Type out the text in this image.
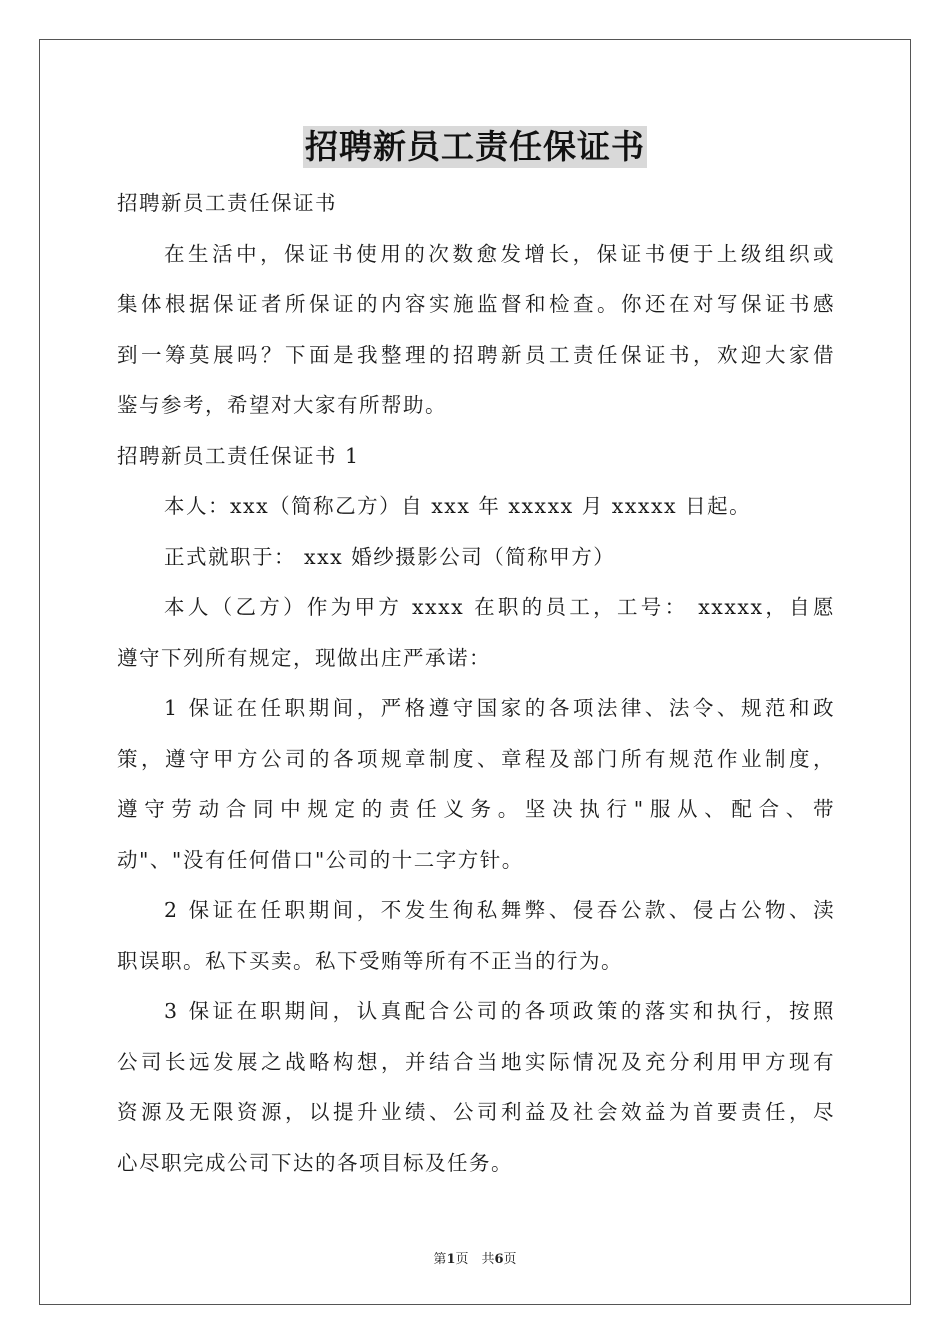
招聘新员工责任保证书
招聘新员工责任保证书
在生活中，保证书使用的次数愈发增长，保证书便于上级组织或
集体根据保证者所保证的内容实施监督和检查。你还在对写保证书感
到一筹莫展吗？下面是我整理的招聘新员工责任保证书，欢迎大家借
鉴与参考，希望对大家有所帮助。
招聘新员工责任保证书 1
本人：xxx（简称乙方）自 xxx 年 xxxxx 月 xxxxx 日起。
正式就职于： xxx 婚纱摄影公司（简称甲方）
本人（乙方）作为甲方 xxxx 在职的员工，工号： xxxxx，自愿
遵守下列所有规定，现做出庄严承诺：
1 保证在任职期间，严格遵守国家的各项法律、法令、规范和政
策，遵守甲方公司的各项规章制度、章程及部门所有规范作业制度，
遵守劳动合同中规定的责任义务。坚决执行"服从、配合、带
动"、"没有任何借口"公司的十二字方针。
2 保证在任职期间，不发生徇私舞弊、侵吞公款、侵占公物、渎
职误职。私下买卖。私下受贿等所有不正当的行为。
3 保证在职期间，认真配合公司的各项政策的落实和执行，按照
公司长远发展之战略构想，并结合当地实际情况及充分利用甲方现有
资源及无限资源，以提升业绩、公司利益及社会效益为首要责任，尽
心尽职完成公司下达的各项目标及任务。
第1页　共6页
